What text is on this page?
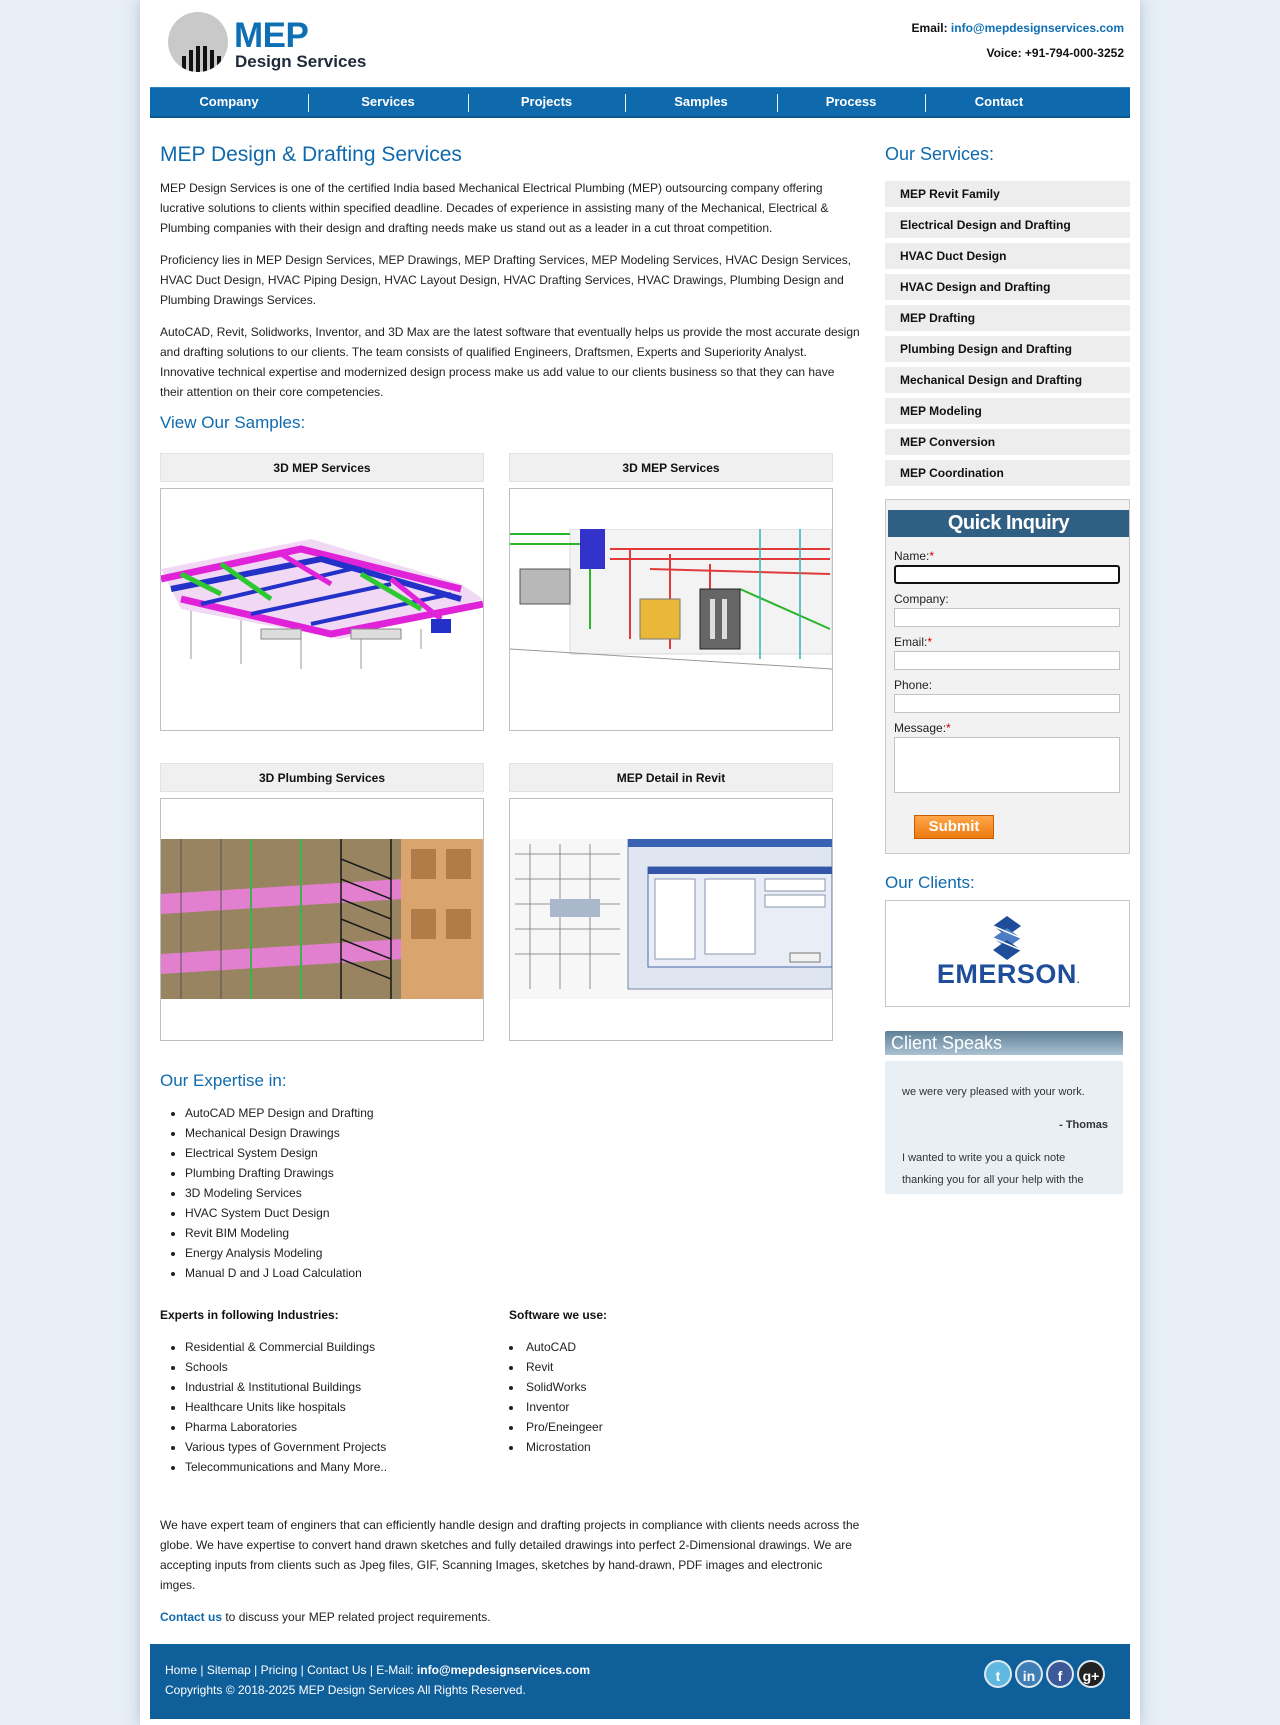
MEP
Design Services
Email: info@mepdesignservices.com
Voice: +91-794-000-3252
Company	Services	Projects	Samples	Process	Contact
MEP Design & Drafting Services

MEP Design Services is one of the certified India based Mechanical Electrical Plumbing (MEP) outsourcing company offering lucrative solutions to clients within specified deadline. Decades of experience in assisting many of the Mechanical, Electrical & Plumbing companies with their design and drafting needs make us stand out as a leader in a cut throat competition.

Proficiency lies in MEP Design Services, MEP Drawings, MEP Drafting Services, MEP Modeling Services, HVAC Design Services, HVAC Duct Design, HVAC Piping Design, HVAC Layout Design, HVAC Drafting Services, HVAC Drawings, Plumbing Design and Plumbing Drawings Services.

AutoCAD, Revit, Solidworks, Inventor, and 3D Max are the latest software that eventually helps us provide the most accurate design and drafting solutions to our clients. The team consists of qualified Engineers, Draftsmen, Experts and Superiority Analyst. Innovative technical expertise and modernized design process make us add value to our clients business so that they can have their attention on their core competencies.

View Our Samples:
3D MEP Services	3D MEP Services
3D Plumbing Services	MEP Detail in Revit
Our Expertise in:
• AutoCAD MEP Design and Drafting
• Mechanical Design Drawings
• Electrical System Design
• Plumbing Drafting Drawings
• 3D Modeling Services
• HVAC System Duct Design
• Revit BIM Modeling
• Energy Analysis Modeling
• Manual D and J Load Calculation
Experts in following Industries:
• Residential & Commercial Buildings
• Schools
• Industrial & Institutional Buildings
• Healthcare Units like hospitals
• Pharma Laboratories
• Various types of Government Projects
• Telecommunications and Many More..
Software we use:
• AutoCAD
• Revit
• SolidWorks
• Inventor
• Pro/Eneingeer
• Microstation

We have expert team of enginers that can efficiently handle design and drafting projects in compliance with clients needs across the globe. We have expertise to convert hand drawn sketches and fully detailed drawings into perfect 2-Dimensional drawings. We are accepting inputs from clients such as Jpeg files, GIF, Scanning Images, sketches by hand-drawn, PDF images and electronic imges.

Contact us to discuss your MEP related project requirements.

Our Services:
MEP Revit Family
Electrical Design and Drafting
HVAC Duct Design
HVAC Design and Drafting
MEP Drafting
Plumbing Design and Drafting
Mechanical Design and Drafting
MEP Modeling
MEP Conversion
MEP Coordination
Quick Inquiry
Name:*
Company:
Email:*
Phone:
Message:*
Submit
Our Clients:
EMERSON.
Client Speaks
we were very pleased with your work.
- Thomas
I wanted to write you a quick note thanking you for all your help with the
Home | Sitemap | Pricing | Contact Us | E-Mail: info@mepdesignservices.com
Copyrights © 2018-2025 MEP Design Services All Rights Reserved.
t	in	f	g+
